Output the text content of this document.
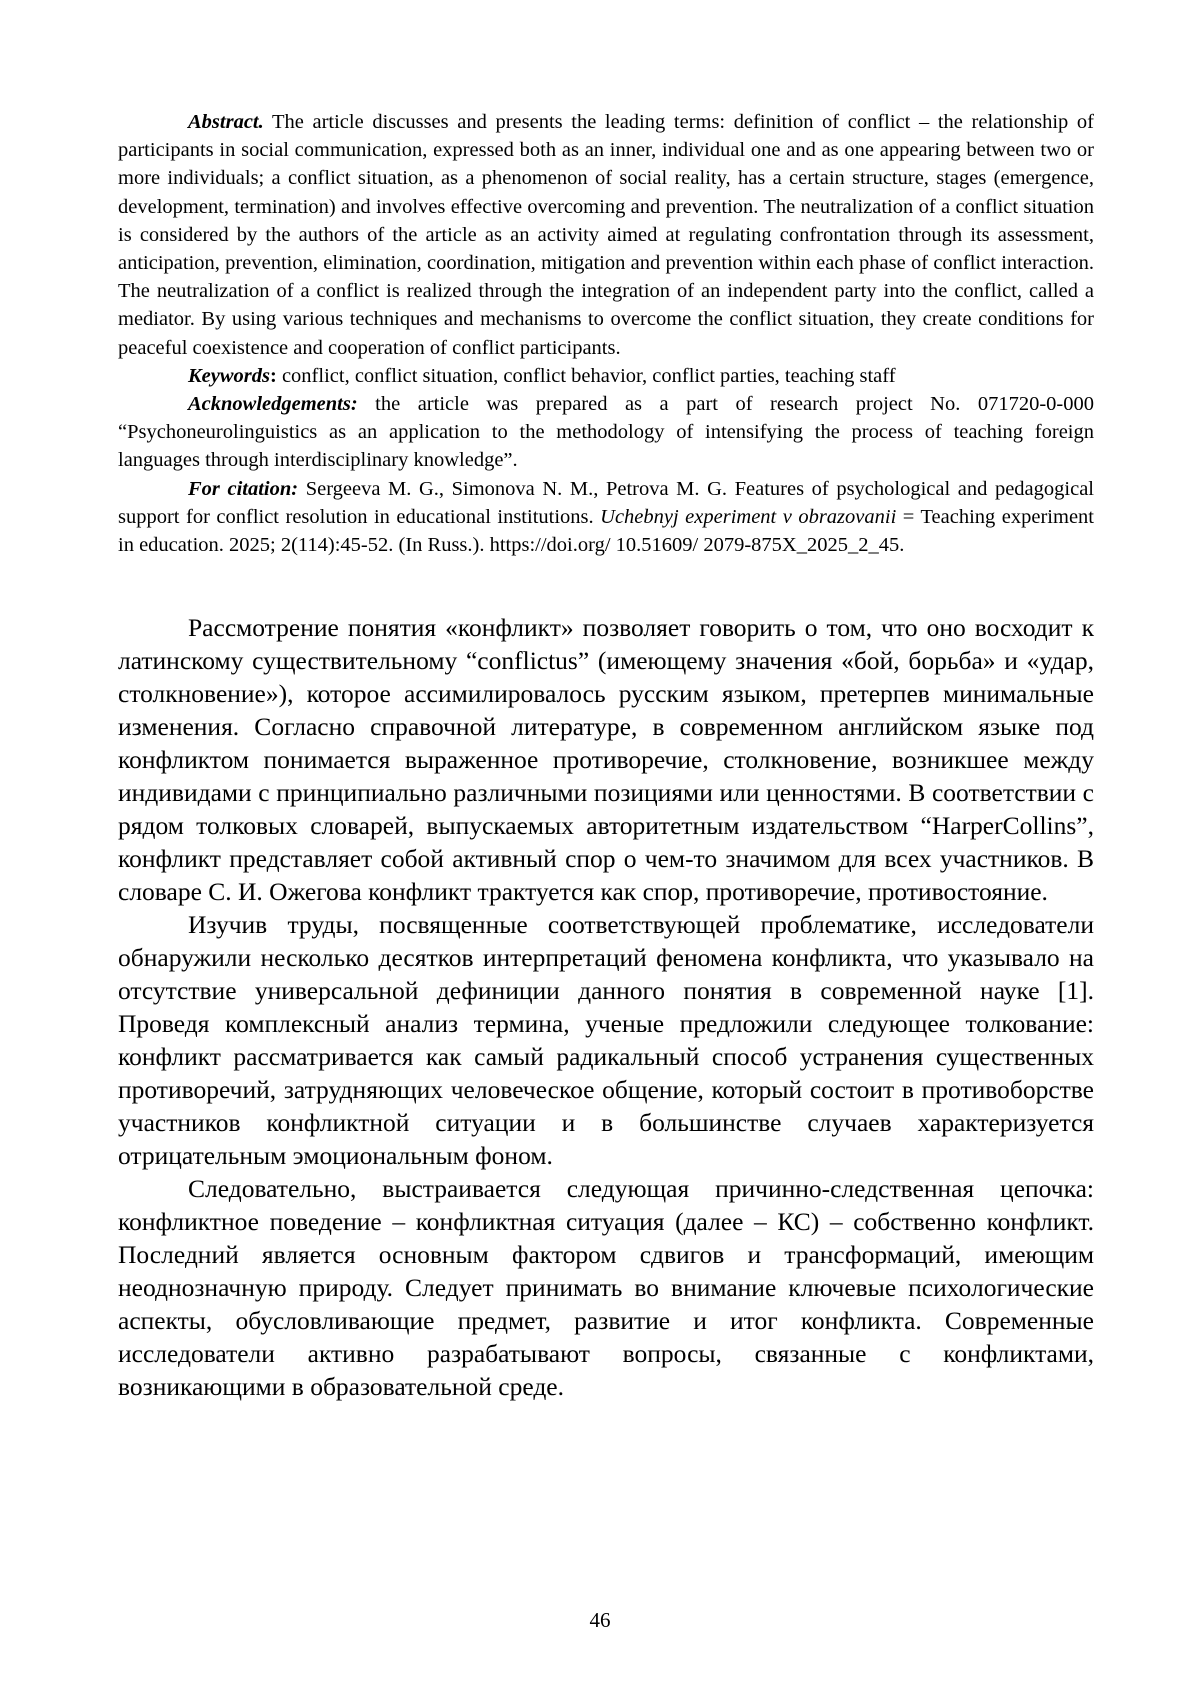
Abstract. The article discusses and presents the leading terms: definition of conflict – the relationship of participants in social communication, expressed both as an inner, individual one and as one appearing between two or more individuals; a conflict situation, as a phenomenon of social reality, has a certain structure, stages (emergence, development, termination) and involves effective overcoming and prevention. The neutralization of a conflict situation is considered by the authors of the article as an activity aimed at regulating confrontation through its assessment, anticipation, prevention, elimination, coordination, mitigation and prevention within each phase of conflict interaction. The neutralization of a conflict is realized through the integration of an independent party into the conflict, called a mediator. By using various techniques and mechanisms to overcome the conflict situation, they create conditions for peaceful coexistence and cooperation of conflict participants.

Keywords: conflict, conflict situation, conflict behavior, conflict parties, teaching staff

Acknowledgements: the article was prepared as a part of research project No. 071720-0-000 “Psychoneurolinguistics as an application to the methodology of intensifying the process of teaching foreign languages through interdisciplinary knowledge”.

For citation: Sergeeva M. G., Simonova N. M., Petrova M. G. Features of psychological and pedagogical support for conflict resolution in educational institutions. Uchebnyj experiment v obrazovanii = Teaching experiment in education. 2025; 2(114):45-52. (In Russ.). https://doi.org/ 10.51609/ 2079-875X_2025_2_45.

Рассмотрение понятия «конфликт» позволяет говорить о том, что оно восходит к латинскому существительному “conflictus” (имеющему значения «бой, борьба» и «удар, столкновение»), которое ассимилировалось русским языком, претерпев минимальные изменения. Согласно справочной литературе, в современном английском языке под конфликтом понимается выраженное противоречие, столкновение, возникшее между индивидами с принципиально различными позициями или ценностями. В соответствии с рядом толковых словарей, выпускаемых авторитетным издательством “HarperCollins”, конфликт представляет собой активный спор о чем-то значимом для всех участников. В словаре С. И. Ожегова конфликт трактуется как спор, противоречие, противостояние.

Изучив труды, посвященные соответствующей проблематике, исследователи обнаружили несколько десятков интерпретаций феномена конфликта, что указывало на отсутствие универсальной дефиниции данного понятия в современной науке [1]. Проведя комплексный анализ термина, ученые предложили следующее толкование: конфликт рассматривается как самый радикальный способ устранения существенных противоречий, затрудняющих человеческое общение, который состоит в противоборстве участников конфликтной ситуации и в большинстве случаев характеризуется отрицательным эмоциональным фоном.

Следовательно, выстраивается следующая причинно-следственная цепочка: конфликтное поведение – конфликтная ситуация (далее – КС) – собственно конфликт. Последний является основным фактором сдвигов и трансформаций, имеющим неоднозначную природу. Следует принимать во внимание ключевые психологические аспекты, обусловливающие предмет, развитие и итог конфликта. Современные исследователи активно разрабатывают вопросы, связанные с конфликтами, возникающими в образовательной среде.

46
